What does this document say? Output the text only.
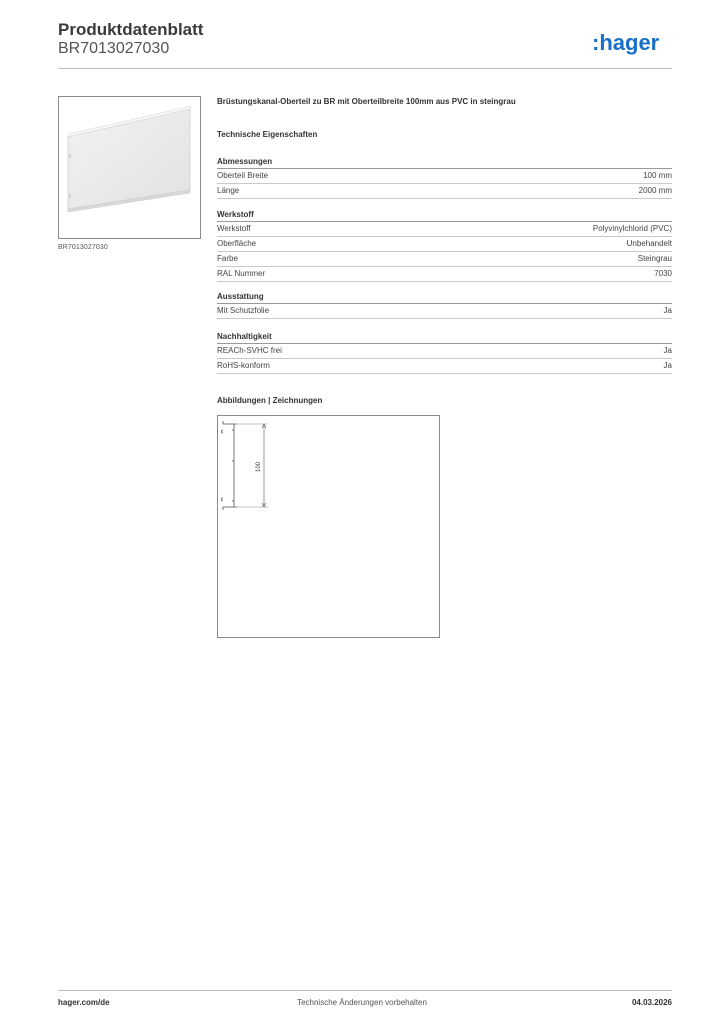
Produktdatenblatt
BR7013027030	:hager
BR7013027030
Brüstungskanal-Oberteil zu BR mit Oberteilbreite 100mm aus PVC in steingrau
Technische Eigenschaften
Abmessungen
Oberteil Breite	100 mm
Länge	2000 mm
Werkstoff
Werkstoff	Polyvinylchlorid (PVC)
Oberfläche	Unbehandelt
Farbe	Steingrau
RAL Nummer	7030
Ausstattung
Mit Schutzfolie	Ja
Nachhaltigkeit
REACh-SVHC frei	Ja
RoHS-konform	Ja
Abbildungen | Zeichnungen
100
hager.com/de	Technische Änderungen vorbehalten	04.03.2026
